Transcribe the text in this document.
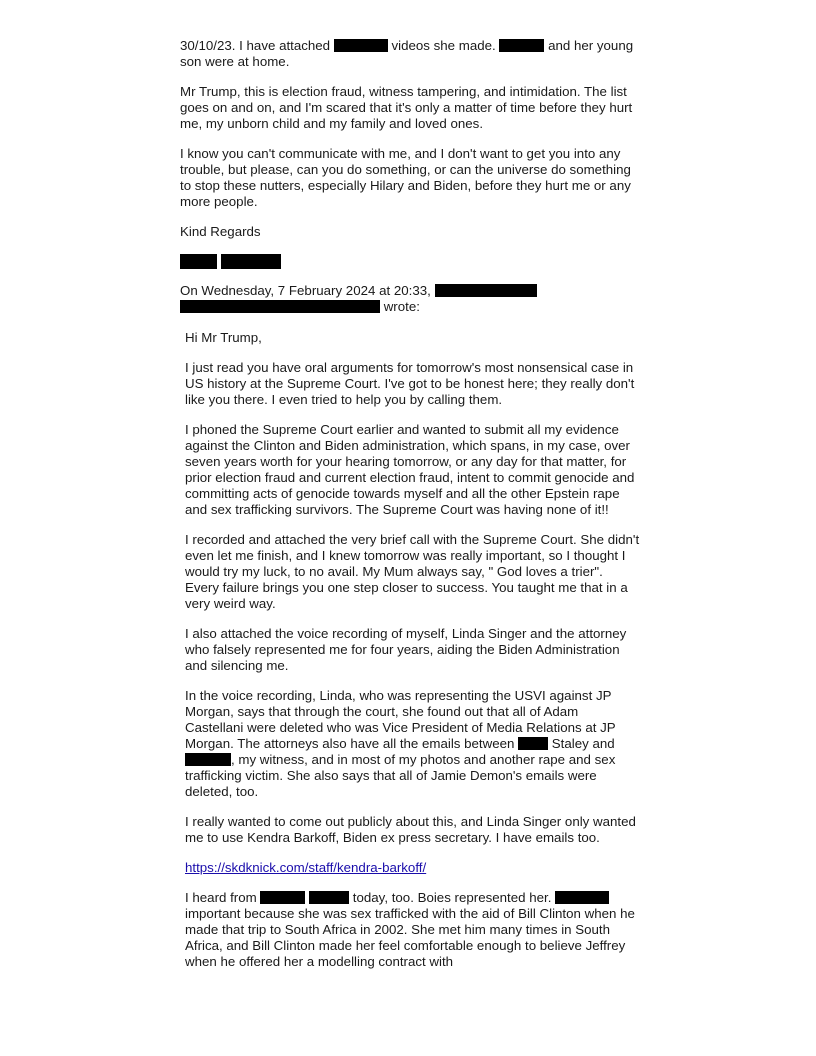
30/10/23. I have attached	videos she made.	and her young son were at home.

Mr Trump, this is election fraud, witness tampering, and intimidation. The list goes on and on, and I'm scared that it's only a matter of time before they hurt me, my unborn child and my family and loved ones.

I know you can't communicate with me, and I don't want to get you into any trouble, but please, can you do something, or can the universe do something to stop these nutters, especially Hilary and Biden, before they hurt me or any more people.

Kind Regards

On Wednesday, 7 February 2024 at 20:33,
wrote:

Hi Mr Trump,

I just read you have oral arguments for tomorrow's most nonsensical case in US history at the Supreme Court. I've got to be honest here; they really don't like you there. I even tried to help you by calling them.

I phoned the Supreme Court earlier and wanted to submit all my evidence against the Clinton and Biden administration, which spans, in my case, over seven years worth for your hearing tomorrow, or any day for that matter, for prior election fraud and current election fraud, intent to commit genocide and committing acts of genocide towards myself and all the other Epstein rape and sex trafficking survivors. The Supreme Court was having none of it!!

I recorded and attached the very brief call with the Supreme Court. She didn't even let me finish, and I knew tomorrow was really important, so I thought I would try my luck, to no avail. My Mum always say, " God loves a trier". Every failure brings you one step closer to success. You taught me that in a very weird way.

I also attached the voice recording of myself, Linda Singer and the attorney who falsely represented me for four years, aiding the Biden Administration and silencing me.

In the voice recording, Linda, who was representing the USVI against JP Morgan, says that through the court, she found out that all of Adam Castellani were deleted who was Vice President of Media Relations at JP Morgan. The attorneys also have all the emails between  Staley and , my witness, and in most of my photos and another rape and sex trafficking victim. She also says that all of Jamie Demon's emails were deleted, too.

I really wanted to come out publicly about this, and Linda Singer only wanted me to use Kendra Barkoff, Biden ex press secretary. I have emails too.

https://skdknick.com/staff/kendra-barkoff/

I heard from	today, too. Boies represented her.  important because she was sex trafficked with the aid of Bill Clinton when he made that trip to South Africa in 2002. She met him many times in South Africa, and Bill Clinton made her feel comfortable enough to believe Jeffrey when he offered her a modelling contract with
